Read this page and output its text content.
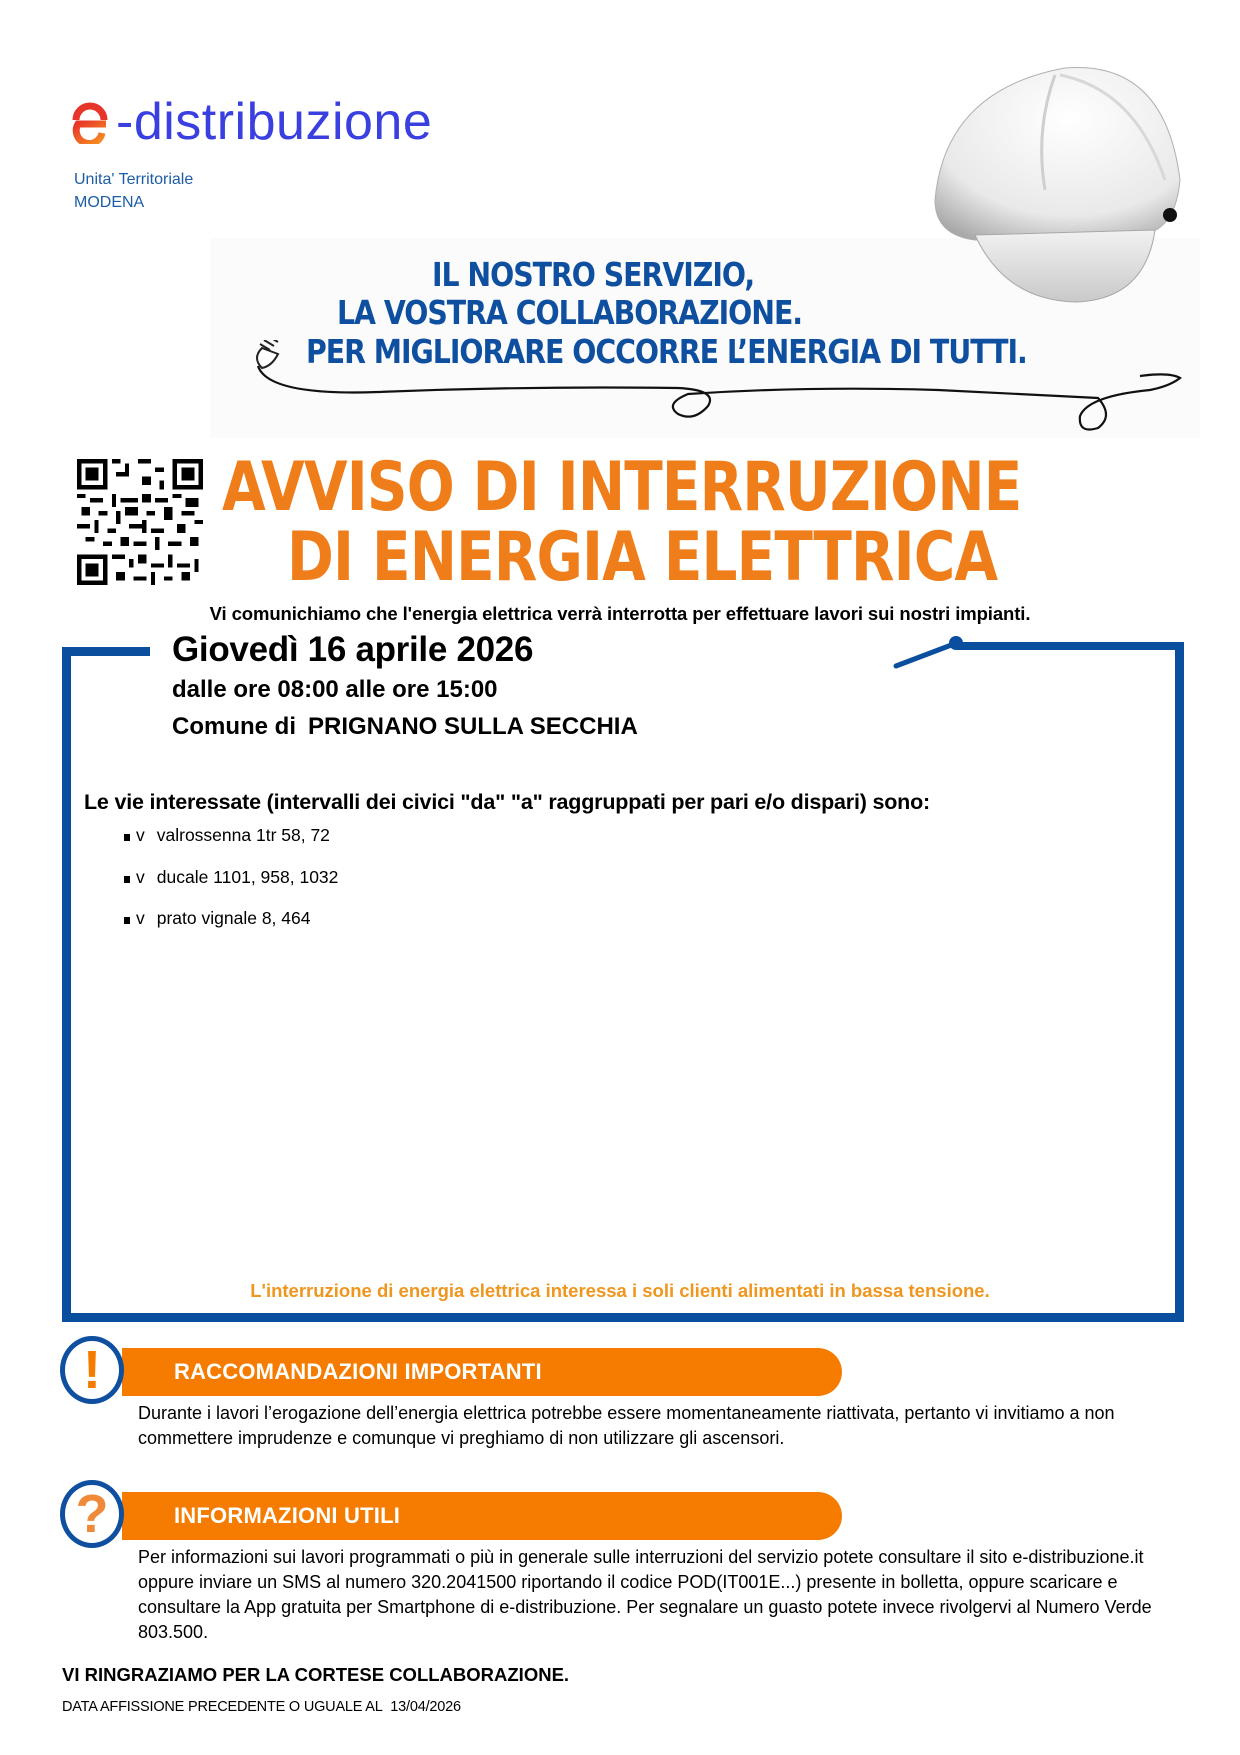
-distribuzione
Unita' Territoriale
MODENA
IL NOSTRO SERVIZIO,
LA VOSTRA COLLABORAZIONE.
PER MIGLIORARE OCCORRE L’ENERGIA DI TUTTI.
AVVISO DI INTERRUZIONE
DI ENERGIA ELETTRICA
Vi comunichiamo che l'energia elettrica verrà interrotta per effettuare lavori sui nostri impianti.
Giovedì 16 aprile 2026
dalle ore 08:00 alle ore 15:00
Comune di PRIGNANO SULLA SECCHIA
Le vie interessate (intervalli dei civici "da" "a" raggruppati per pari e/o dispari) sono:
v valrossenna 1tr 58, 72
v ducale 1101, 958, 1032
v prato vignale 8, 464
L'interruzione di energia elettrica interessa i soli clienti alimentati in bassa tensione.
!	RACCOMANDAZIONI IMPORTANTI
Durante i lavori l’erogazione dell’energia elettrica potrebbe essere momentaneamente riattivata, pertanto vi invitiamo a non commettere imprudenze e comunque vi preghiamo di non utilizzare gli ascensori.
?	INFORMAZIONI UTILI
Per informazioni sui lavori programmati o più in generale sulle interruzioni del servizio potete consultare il sito e-distribuzione.it oppure inviare un SMS al numero 320.2041500 riportando il codice POD(IT001E...) presente in bolletta, oppure scaricare e consultare la App gratuita per Smartphone di e-distribuzione. Per segnalare un guasto potete invece rivolgervi al Numero Verde 803.500.
VI RINGRAZIAMO PER LA CORTESE COLLABORAZIONE.
DATA AFFISSIONE PRECEDENTE O UGUALE AL 13/04/2026
